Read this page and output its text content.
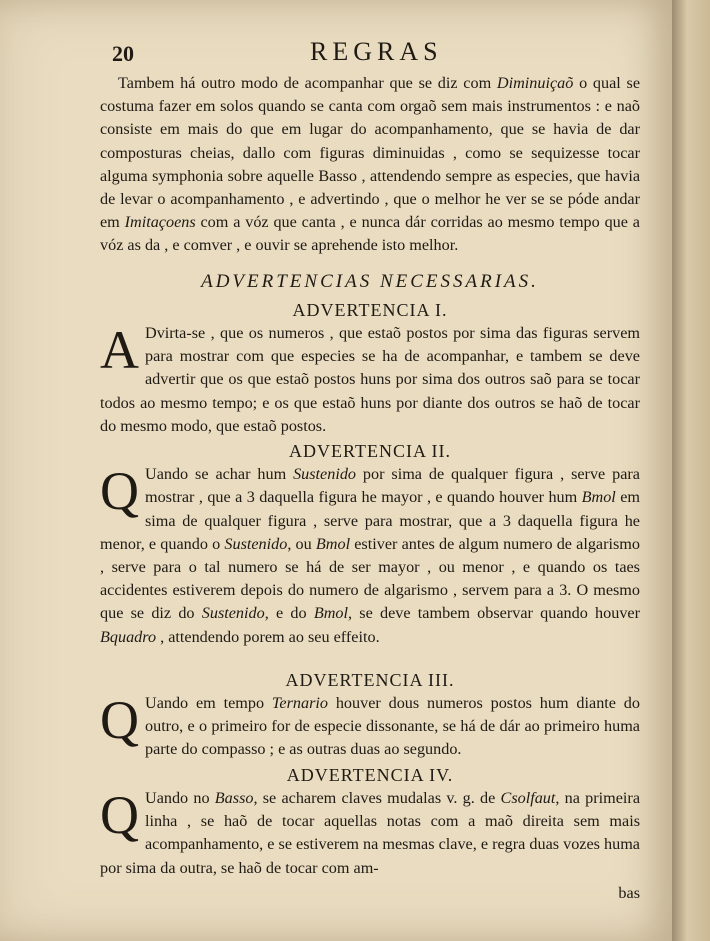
20	REGRAS

Tambem há outro modo de acompanhar que se diz com Diminuiçaõ o qual se costuma fazer em solos quando se canta com orgaõ sem mais instrumentos : e naõ consiste em mais do que em lugar do acompanhamento, que se havia de dar composturas cheias, dallo com figuras diminuidas , como se sequizesse tocar alguma symphonia sobre aquelle Basso , attendendo sempre as especies, que havia de levar o acompanhamento , e advertindo , que o melhor he ver se se póde andar em Imitaçoens com a vóz que canta , e nunca dár corridas ao mesmo tempo que a vóz as da , e comver , e ouvir se aprehende isto melhor.

ADVERTENCIAS NECESSARIAS.
ADVERTENCIA I.

A Dvirta-se , que os numeros , que estaõ postos por sima das figuras servem para mostrar com que especies se ha de acompanhar, e tambem se deve advertir que os que estaõ postos huns por sima dos outros saõ para se tocar todos ao mesmo tempo; e os que estaõ huns por diante dos outros se haõ de tocar do mesmo modo, que estaõ postos.

ADVERTENCIA II.

Q Uando se achar hum Sustenido por sima de qualquer figura , serve para mostrar , que a 3 daquella figura he mayor , e quando houver hum Bmol em sima de qualquer figura , serve para mostrar, que a 3 daquella figura he menor, e quando o Sustenido, ou Bmol estiver antes de algum numero de algarismo , serve para o tal numero se há de ser mayor , ou menor , e quando os taes accidentes estiverem depois do numero de algarismo , servem para a 3. O mesmo que se diz do Sustenido, e do Bmol, se deve tambem observar quando houver Bquadro , attendendo porem ao seu effeito.

ADVERTENCIA III.

Q Uando em tempo Ternario houver dous numeros postos hum diante do outro, e o primeiro for de especie dissonante, se há de dár ao primeiro huma parte do compasso ; e as outras duas ao segundo.

ADVERTENCIA IV.

Q Uando no Basso, se acharem claves mudalas v. g. de Csolfaut, na primeira linha , se haõ de tocar aquellas notas com a maõ direita sem mais acompanhamento, e se estiverem na mesmas clave, e regra duas vozes huma por sima da outra, se haõ de tocar com am-

bas
